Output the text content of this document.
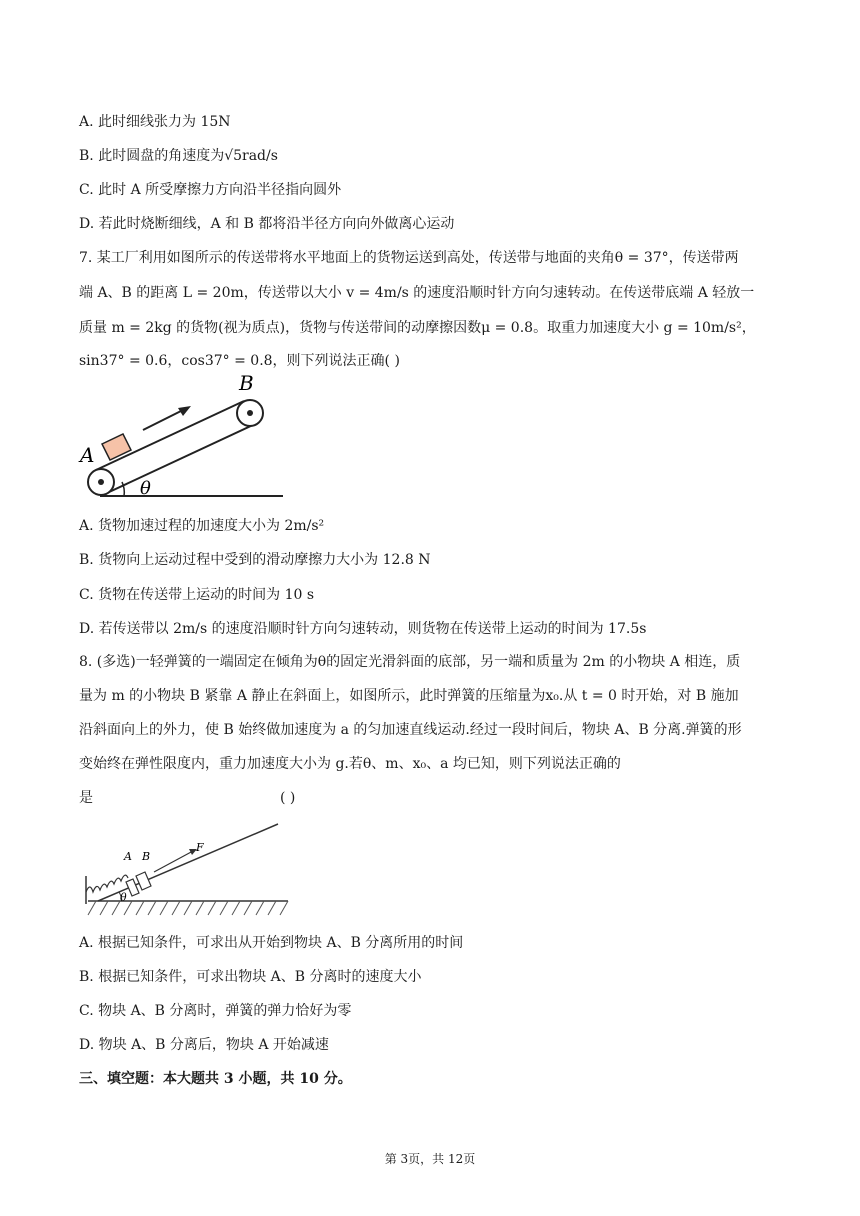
A. 此时细线张力为 15N
B. 此时圆盘的角速度为√5rad/s
C. 此时 A 所受摩擦力方向沿半径指向圆外
D. 若此时烧断细线，A 和 B 都将沿半径方向向外做离心运动
7. 某工厂利用如图所示的传送带将水平地面上的货物运送到高处，传送带与地面的夹角θ = 37°，传送带两
端 A、B 的距离 L = 20m，传送带以大小 v = 4m/s 的速度沿顺时针方向匀速转动。在传送带底端 A 轻放一
质量 m = 2kg 的货物(视为质点)，货物与传送带间的动摩擦因数μ = 0.8。取重力加速度大小 g = 10m/s²，
sin37° = 0.6，cos37° = 0.8，则下列说法正确( )
A
B
θ
A. 货物加速过程的加速度大小为 2m/s²
B. 货物向上运动过程中受到的滑动摩擦力大小为 12.8 N
C. 货物在传送带上运动的时间为 10 s
D. 若传送带以 2m/s 的速度沿顺时针方向匀速转动，则货物在传送带上运动的时间为 17.5s
8. (多选)一轻弹簧的一端固定在倾角为θ的固定光滑斜面的底部，另一端和质量为 2m 的小物块 A 相连，质
量为 m 的小物块 B 紧靠 A 静止在斜面上，如图所示，此时弹簧的压缩量为x₀.从 t = 0 时开始，对 B 施加
沿斜面向上的外力，使 B 始终做加速度为 a 的匀加速直线运动.经过一段时间后，物块 A、B 分离.弹簧的形
变始终在弹性限度内，重力加速度大小为 g.若θ、m、x₀、a 均已知，则下列说法正确的
是	( )
A B
F
θ
A. 根据已知条件，可求出从开始到物块 A、B 分离所用的时间
B. 根据已知条件，可求出物块 A、B 分离时的速度大小
C. 物块 A、B 分离时，弹簧的弹力恰好为零
D. 物块 A、B 分离后，物块 A 开始减速
三、填空题：本大题共 3 小题，共 10 分。
第 3页，共 12页
